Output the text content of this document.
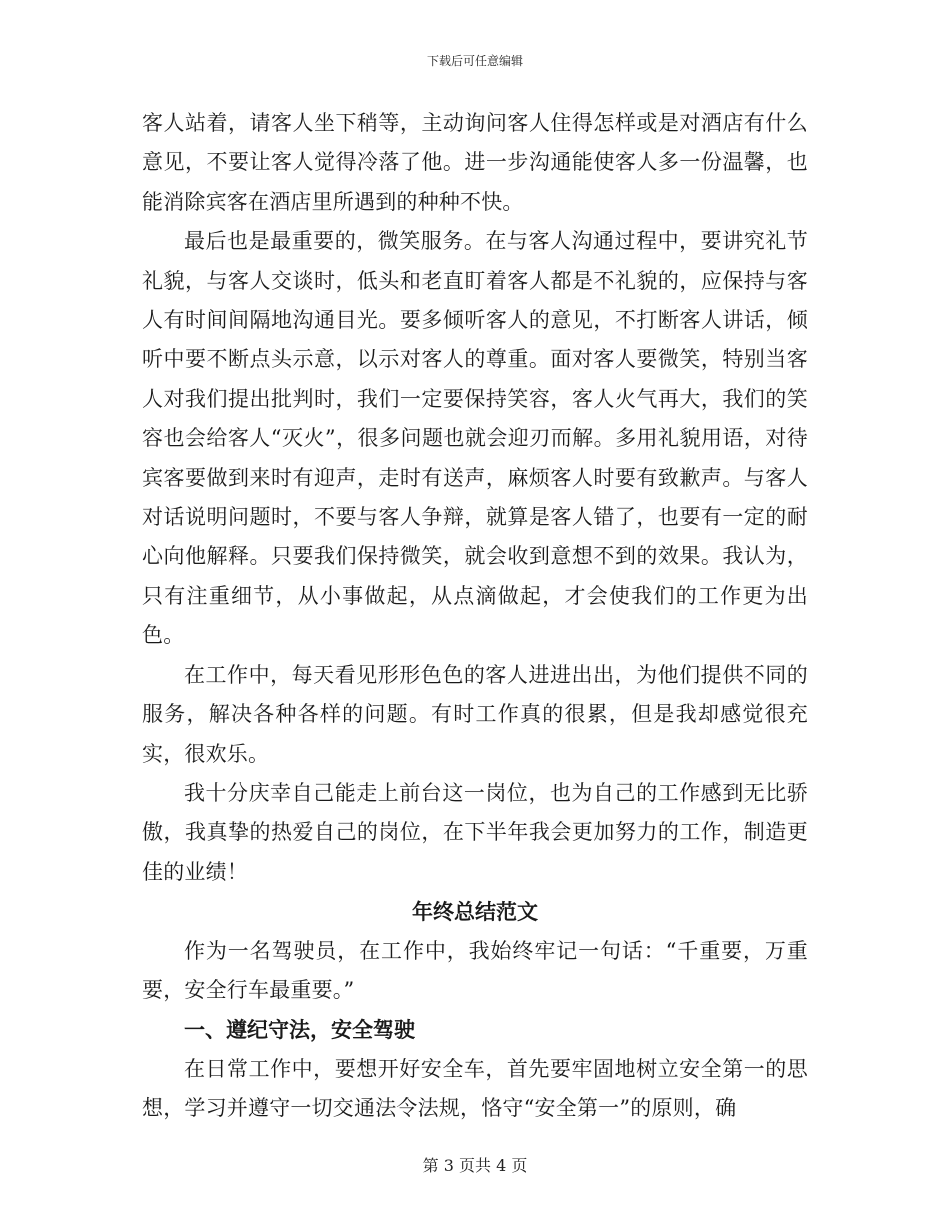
下载后可任意编辑

客人站着，请客人坐下稍等，主动询问客人住得怎样或是对酒店有什么意见，不要让客人觉得冷落了他。进一步沟通能使客人多一份温馨，也能消除宾客在酒店里所遇到的种种不快。

最后也是最重要的，微笑服务。在与客人沟通过程中，要讲究礼节礼貌，与客人交谈时，低头和老直盯着客人都是不礼貌的，应保持与客人有时间间隔地沟通目光。要多倾听客人的意见，不打断客人讲话，倾听中要不断点头示意，以示对客人的尊重。面对客人要微笑，特别当客人对我们提出批判时，我们一定要保持笑容，客人火气再大，我们的笑容也会给客人“灭火”，很多问题也就会迎刃而解。多用礼貌用语，对待宾客要做到来时有迎声，走时有送声，麻烦客人时要有致歉声。与客人对话说明问题时，不要与客人争辩，就算是客人错了，也要有一定的耐心向他解释。只要我们保持微笑，就会收到意想不到的效果。我认为，只有注重细节，从小事做起，从点滴做起，才会使我们的工作更为出色。

在工作中，每天看见形形色色的客人进进出出，为他们提供不同的服务，解决各种各样的问题。有时工作真的很累，但是我却感觉很充实，很欢乐。

我十分庆幸自己能走上前台这一岗位，也为自己的工作感到无比骄傲，我真挚的热爱自己的岗位，在下半年我会更加努力的工作，制造更佳的业绩！

年终总结范文

作为一名驾驶员，在工作中，我始终牢记一句话：“千重要，万重要，安全行车最重要。”

一、遵纪守法，安全驾驶

在日常工作中，要想开好安全车，首先要牢固地树立安全第一的思想，学习并遵守一切交通法令法规，恪守“安全第一”的原则，确

第 3 页共 4 页
